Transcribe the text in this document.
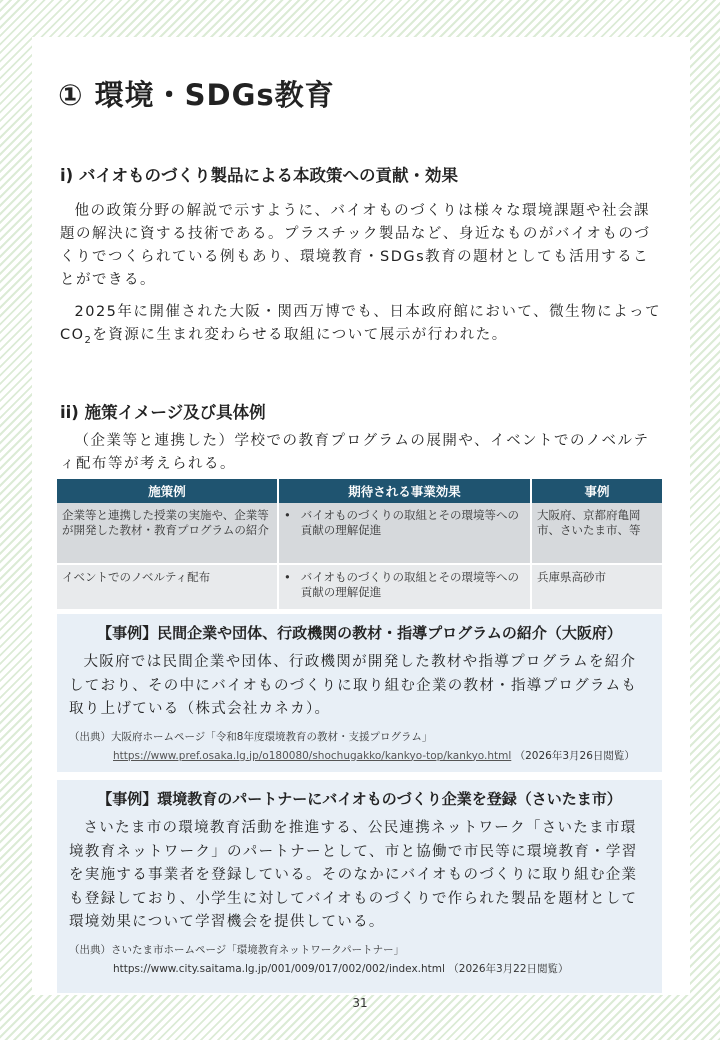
① 環境・SDGs教育
i) バイオものづくり製品による本政策への貢献・効果

他の政策分野の解説で示すように、バイオものづくりは様々な環境課題や社会課題の解決に資する技術である。プラスチック製品など、身近なものがバイオものづくりでつくられている例もあり、環境教育・SDGs教育の題材としても活用することができる。

2025年に開催された大阪・関西万博でも、日本政府館において、微生物によって$CO_2$を資源に生まれ変わらせる取組について展示が行われた。

ii) 施策イメージ及び具体例

（企業等と連携した）学校での教育プログラムの展開や、イベントでのノベルティ配布等が考えられる。

施策例	期待される事業効果	事例
企業等と連携した授業の実施や、企業等が開発した教材・教育プログラムの紹介	• バイオものづくりの取組とその環境等への貢献の理解促進	大阪府、京都府亀岡市、さいたま市、等
イベントでのノベルティ配布	• バイオものづくりの取組とその環境等への貢献の理解促進	兵庫県高砂市
【事例】民間企業や団体、行政機関の教材・指導プログラムの紹介（大阪府）

大阪府では民間企業や団体、行政機関が開発した教材や指導プログラムを紹介しており、その中にバイオものづくりに取り組む企業の教材・指導プログラムも取り上げている（株式会社カネカ）。

（出典）大阪府ホームページ「令和8年度環境教育の教材・支援プログラム」
https://www.pref.osaka.lg.jp/o180080/shochugakko/kankyo-top/kankyo.html （2026年3月26日閲覧）
【事例】環境教育のパートナーにバイオものづくり企業を登録（さいたま市）

さいたま市の環境教育活動を推進する、公民連携ネットワーク「さいたま市環境教育ネットワーク」のパートナーとして、市と協働で市民等に環境教育・学習を実施する事業者を登録している。そのなかにバイオものづくりに取り組む企業も登録しており、小学生に対してバイオものづくりで作られた製品を題材として環境効果について学習機会を提供している。

（出典）さいたま市ホームページ「環境教育ネットワークパートナー」
https://www.city.saitama.lg.jp/001/009/017/002/002/index.html （2026年3月22日閲覧）
31
